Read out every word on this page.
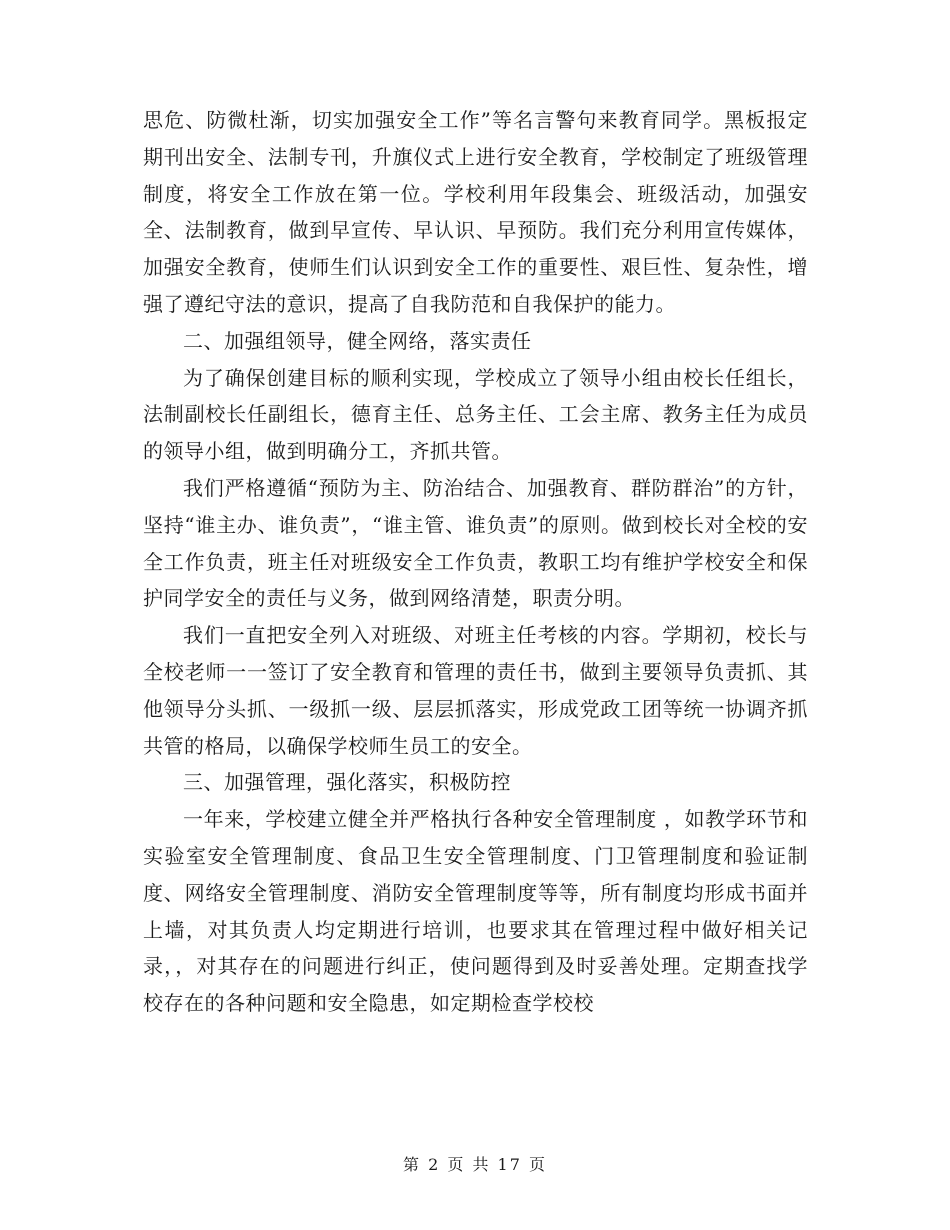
思危、防微杜渐，切实加强安全工作”等名言警句来教育同学。黑板报定期刊出安全、法制专刊，升旗仪式上进行安全教育，学校制定了班级管理制度，将安全工作放在第一位。学校利用年段集会、班级活动，加强安全、法制教育，做到早宣传、早认识、早预防。我们充分利用宣传媒体，加强安全教育，使师生们认识到安全工作的重要性、艰巨性、复杂性，增强了遵纪守法的意识，提高了自我防范和自我保护的能力。

二、加强组领导，健全网络，落实责任

为了确保创建目标的顺利实现，学校成立了领导小组由校长任组长，法制副校长任副组长，德育主任、总务主任、工会主席、教务主任为成员的领导小组，做到明确分工，齐抓共管。

我们严格遵循“预防为主、防治结合、加强教育、群防群治”的方针，坚持“谁主办、谁负责”，“谁主管、谁负责”的原则。做到校长对全校的安全工作负责，班主任对班级安全工作负责，教职工均有维护学校安全和保护同学安全的责任与义务，做到网络清楚，职责分明。

我们一直把安全列入对班级、对班主任考核的内容。学期初，校长与全校老师一一签订了安全教育和管理的责任书，做到主要领导负责抓、其他领导分头抓、一级抓一级、层层抓落实，形成党政工团等统一协调齐抓共管的格局，以确保学校师生员工的安全。

三、加强管理，强化落实，积极防控

一年来，学校建立健全并严格执行各种安全管理制度 ，如教学环节和实验室安全管理制度、食品卫生安全管理制度、门卫管理制度和验证制度、网络安全管理制度、消防安全管理制度等等，所有制度均形成书面并上墙，对其负责人均定期进行培训，也要求其在管理过程中做好相关记录，，对其存在的问题进行纠正，使问题得到及时妥善处理。定期查找学校存在的各种问题和安全隐患，如定期检查学校校

第 2 页 共 17 页
